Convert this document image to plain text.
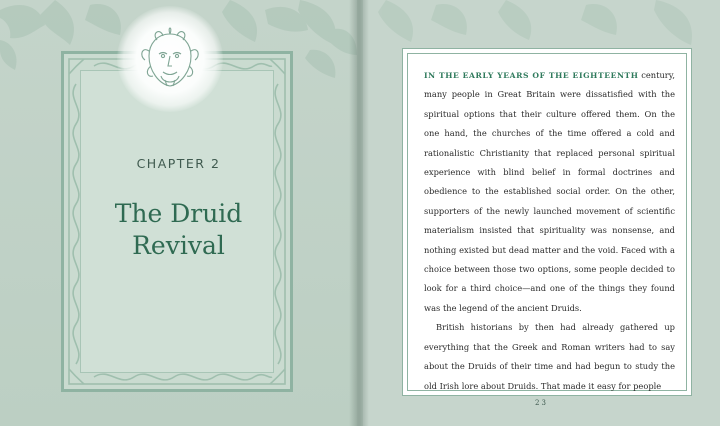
CHAPTER 2
The Druid
Revival

IN THE EARLY YEARS OF THE EIGHTEENTH century, many people in Great Britain were dissatisfied with the spiritual options that their culture offered them. On the one hand, the churches of the time offered a cold and rationalistic Christianity that replaced personal spiritual experience with blind belief in formal doctrines and obedience to the established social order. On the other, supporters of the newly launched movement of scientific materialism insisted that spirituality was nonsense, and nothing existed but dead matter and the void. Faced with a choice between those two options, some people decided to look for a third choice—and one of the things they found was the legend of the ancient Druids.

British historians by then had already gathered up everything that the Greek and Roman writers had to say about the Druids of their time and had begun to study the old Irish lore about Druids. That made it easy for people

23
